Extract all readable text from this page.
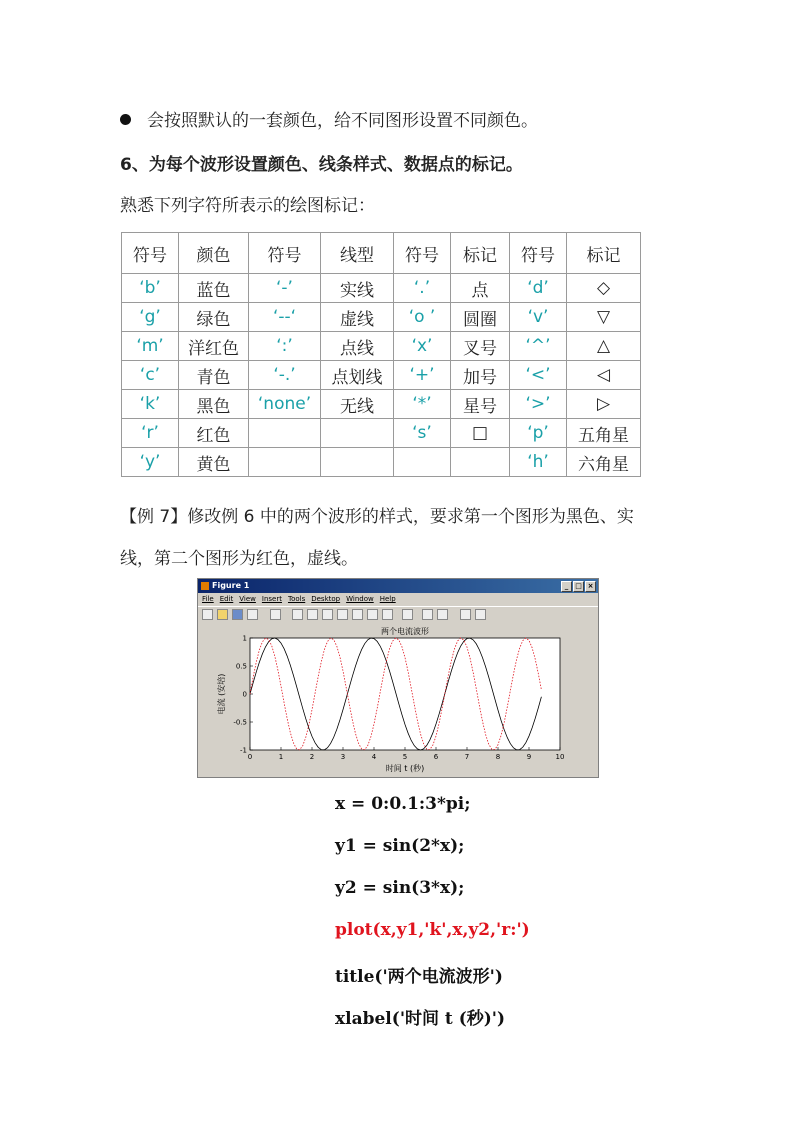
会按照默认的一套颜色，给不同图形设置不同颜色。
6、为每个波形设置颜色、线条样式、数据点的标记。
熟悉下列字符所表示的绘图标记：
符号	颜色	符号	线型	符号	标记	符号	标记
‘b’	蓝色	‘-’	实线	‘.’	点	‘d’	◇
‘g’	绿色	‘--‘	虚线	‘o ’	圆圈	‘v’	▽
‘m’	洋红色	‘:’	点线	‘x’	叉号	‘^’	△
‘c’	青色	‘-.’	点划线	‘+’	加号	‘<’	◁
‘k’	黑色	‘none’	无线	‘*’	星号	‘>’	▷
‘r’	红色			‘s’	□	‘p’	五角星
‘y’	黄色					‘h’	六角星
【例 7】修改例 6 中的两个波形的样式，要求第一个图形为黑色、实
线，第二个图形为红色，虚线。
Figure 1	_ □ ×
File Edit View Insert Tools Desktop Window Help
0	1	2	3	4	5	6	7	8	9	10
-1
-0.5
0
0.5
1
两个电流波形
时间 t (秒)
电流 (安培)
x = 0:0.1:3*pi;
y1 = sin(2*x);
y2 = sin(3*x);
plot(x,y1,'k',x,y2,'r:')
title('两个电流波形')
xlabel('时间 t (秒)')
